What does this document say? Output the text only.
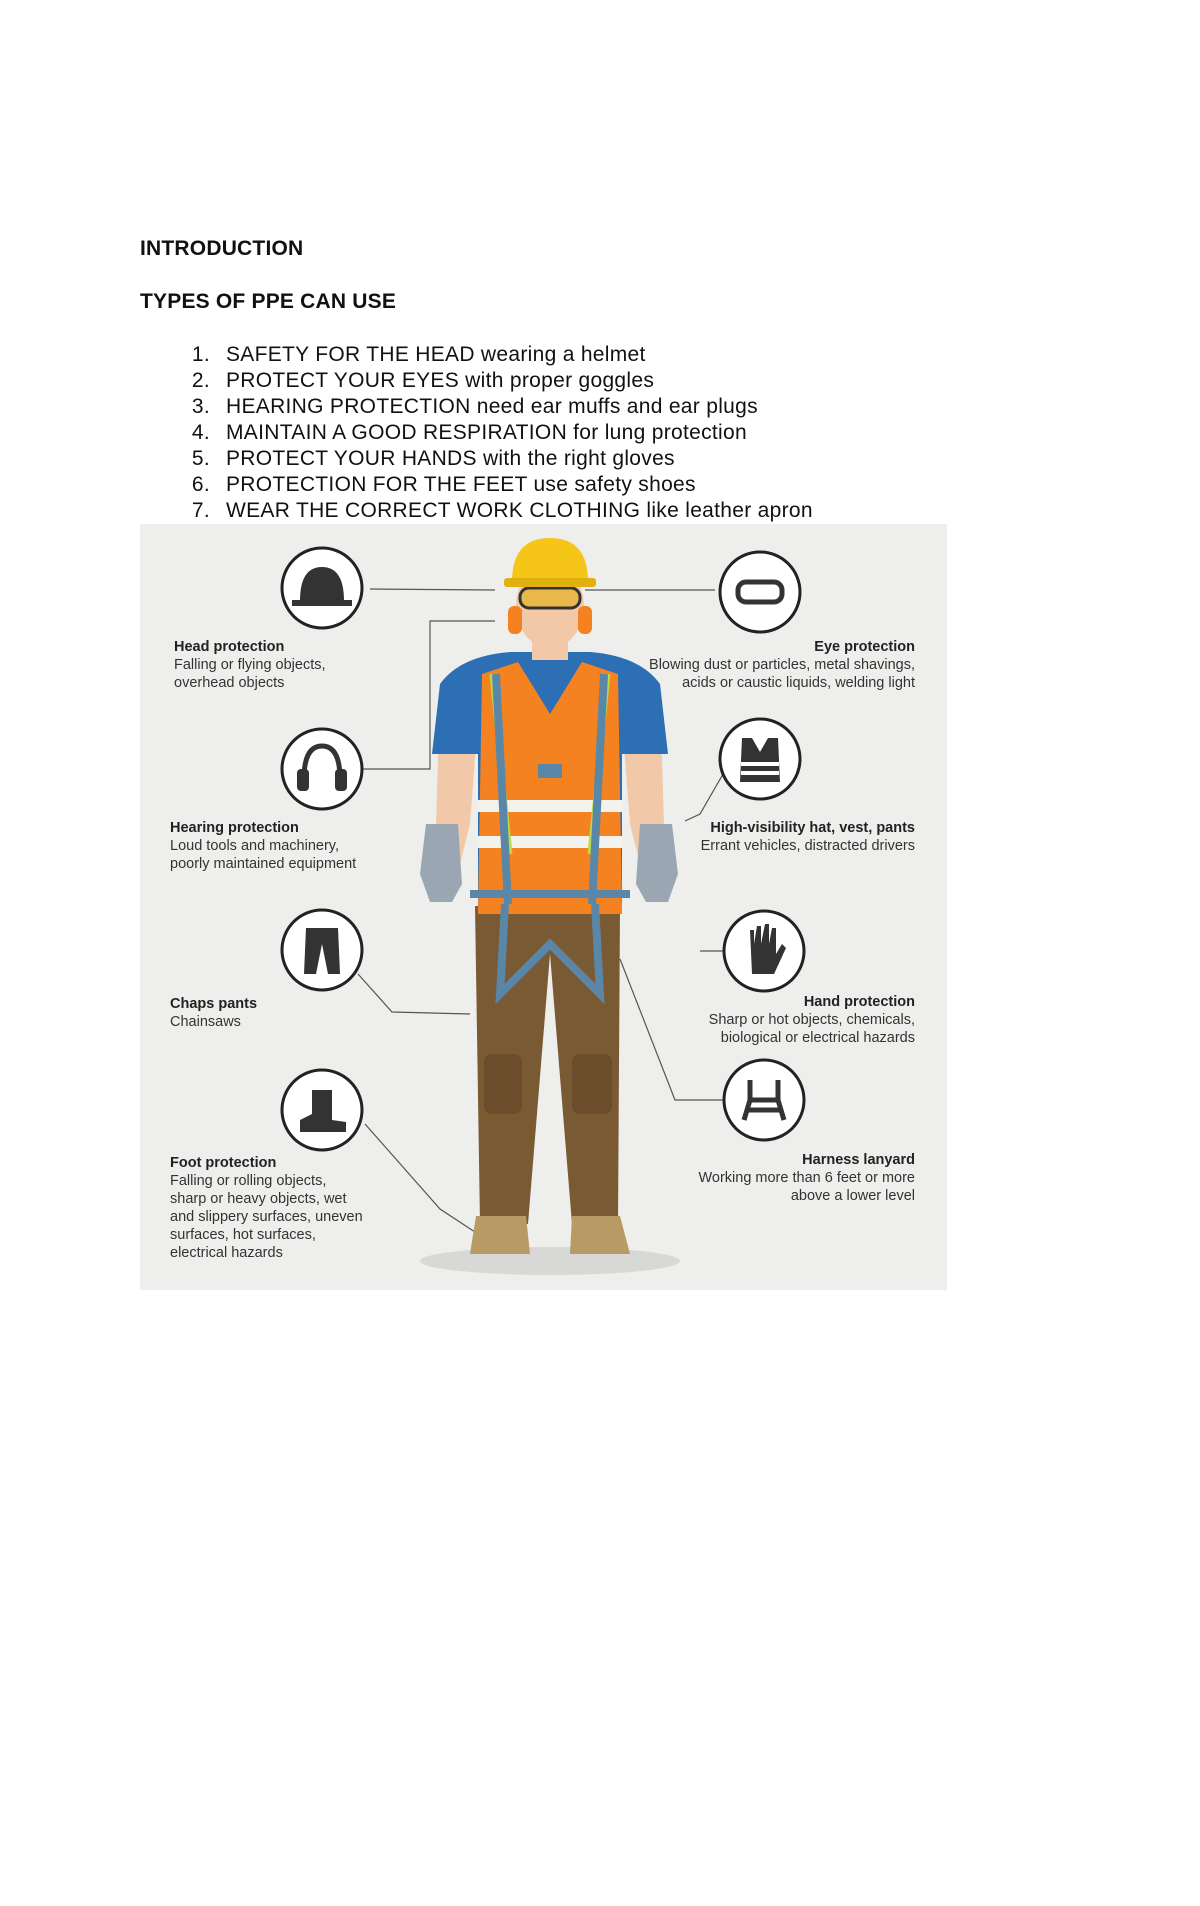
INTRODUCTION
TYPES OF PPE CAN USE
1 . SAFETY FOR THE HEAD wearing a helmet
2 . PROTECT YOUR EYES with proper goggles
3 . HEARING PROTECTION need ear muffs and ear plugs
4 . MAINTAIN A GOOD RESPIRATION for lung protection
5 . PROTECT YOUR HANDS with the right gloves
6 . PROTECTION FOR THE FEET use safety shoes
7 . WEAR THE CORRECT WORK CLOTHING like leather apron
Head protection
Falling or flying objects,
overhead objects
Hearing protection
Loud tools and machinery,
poorly maintained equipment
Chaps pants
Chainsaws
Foot protection
Falling or rolling objects,
sharp or heavy objects, wet
and slippery surfaces, uneven
surfaces, hot surfaces,
electrical hazards
Eye protection
Blowing dust or particles, metal shavings,
acids or caustic liquids, welding light
High-visibility hat, vest, pants
Errant vehicles, distracted drivers
Hand protection
Sharp or hot objects, chemicals,
biological or electrical hazards
Harness lanyard
Working more than 6 feet or more
above a lower level
